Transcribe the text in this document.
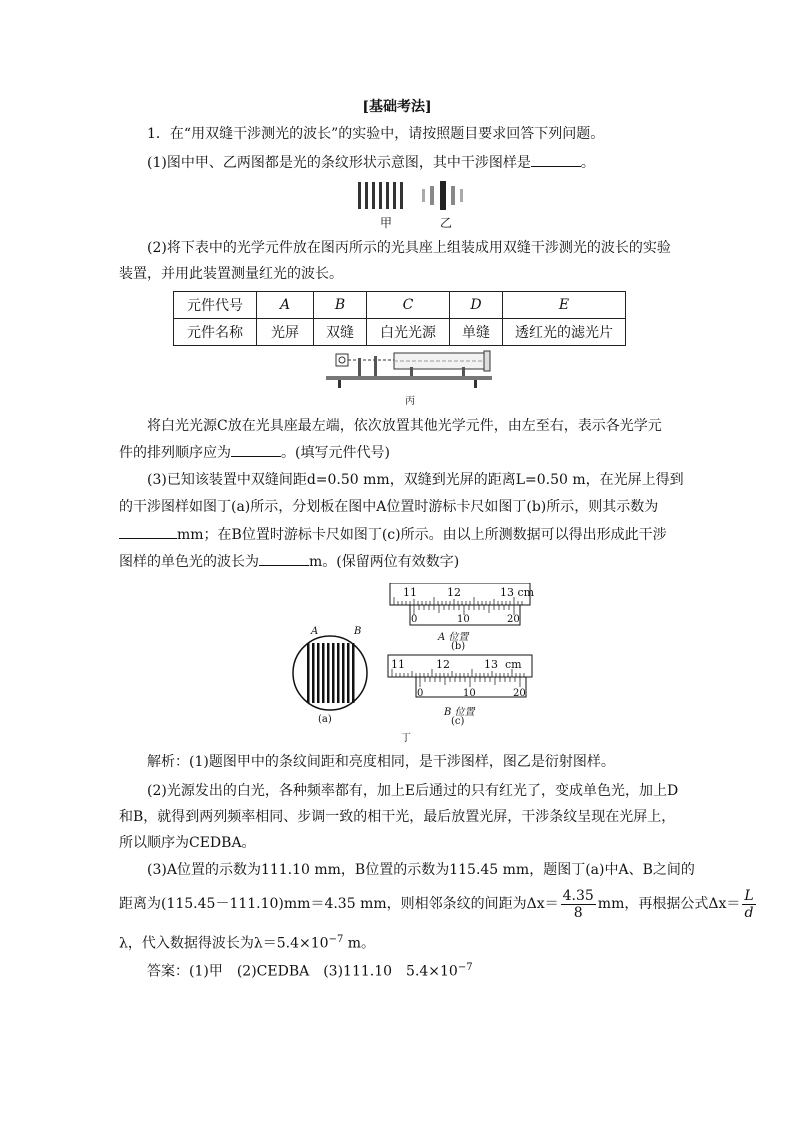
[基础考法]
1．在“用双缝干涉测光的波长”的实验中，请按照题目要求回答下列问题。
(1)图中甲、乙两图都是光的条纹形状示意图，其中干涉图样是	。
甲	乙
(2)将下表中的光学元件放在图丙所示的光具座上组装成用双缝干涉测光的波长的实验
装置，并用此装置测量红光的波长。
元件代号	A	B	C	D	E
元件名称	光屏	双缝	白光光源	单缝	透红光的滤光片
丙
将白光光源C放在光具座最左端，依次放置其他光学元件，由左至右，表示各光学元
件的排列顺序应为	。(填写元件代号)
(3)已知该装置中双缝间距d=0.50 mm，双缝到光屏的距离L=0.50 m，在光屏上得到
的干涉图样如图丁(a)所示，分划板在图中A位置时游标卡尺如图丁(b)所示，则其示数为
mm；在B位置时游标卡尺如图丁(c)所示。由以上所测数据可以得出形成此干涉
图样的单色光的波长为	m。(保留两位有效数字)
A	B
(a)
11	12	13 cm
0	10	20
A 位置
(b)
11	12	13 cm
0	10	20
B 位置
(c)
丁
解析：(1)题图甲中的条纹间距和亮度相同，是干涉图样，图乙是衍射图样。
(2)光源发出的白光，各种频率都有，加上E后通过的只有红光了，变成单色光，加上D
和B，就得到两列频率相同、步调一致的相干光，最后放置光屏，干涉条纹呈现在光屏上，
所以顺序为CEDBA。
(3)A位置的示数为111.10 mm，B位置的示数为115.45 mm，题图丁(a)中A、B之间的
距离为(115.45－111.10)mm＝4.35 mm，则相邻条纹的间距为$\Delta x= \frac{4.35}{8}$ mm，再根据公式$\Delta x= \frac{L}{d}$
λ，代入数据得波长为$\lambda=5.4\times 10^{-7}$ m。
答案：(1)甲　(2)CEDBA　(3)111.10　$5.4\times 10^{-7}$
